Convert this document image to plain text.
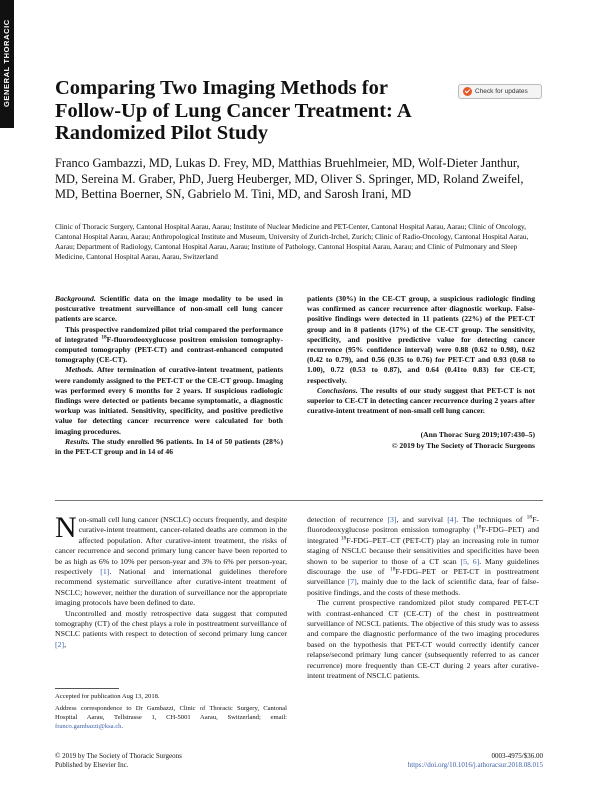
GENERAL THORACIC Comparing Two Imaging Methods for Follow-Up of Lung Cancer Treatment: A Randomized Pilot Study
Check for updates

Franco Gambazzi, MD, Lukas D. Frey, MD, Matthias Bruehlmeier, MD, Wolf-Dieter Janthur, MD, Sereina M. Graber, PhD, Juerg Heuberger, MD, Oliver S. Springer, MD, Roland Zweifel, MD, Bettina Boerner, SN, Gabrielo M. Tini, MD, and Sarosh Irani, MD

Clinic of Thoracic Surgery, Cantonal Hospital Aarau, Aarau; Institute of Nuclear Medicine and PET-Center, Cantonal Hospital Aarau, Aarau; Clinic of Oncology, Cantonal Hospital Aarau, Aarau; Anthropological Institute and Museum, University of Zurich-Irchel, Zurich; Clinic of Radio-Oncology, Cantonal Hospital Aarau, Aarau; Department of Radiology, Cantonal Hospital Aarau, Aarau; Institute of Pathology, Cantonal Hospital Aarau, Aarau; and Clinic of Pulmonary and Sleep Medicine, Cantonal Hospital Aarau, Aarau, Switzerland

Background. Scientific data on the image modality to be used in postcurative treatment surveillance of non-small cell lung cancer patients are scarce.

This prospective randomized pilot trial compared the performance of integrated $^{18}$F-fluorodeoxyglucose positron emission tomography-computed tomography (PET-CT) and contrast-enhanced computed tomography (CE-CT).

Methods. After termination of curative-intent treatment, patients were randomly assigned to the PET-CT or the CE-CT group. Imaging was performed every 6 months for 2 years. If suspicious radiologic findings were detected or patients became symptomatic, a diagnostic workup was initiated. Sensitivity, specificity, and positive predictive value for detecting cancer recurrence were calculated for both imaging procedures.

Results. The study enrolled 96 patients. In 14 of 50 patients (28%) in the PET-CT group and in 14 of 46

patients (30%) in the CE-CT group, a suspicious radiologic finding was confirmed as cancer recurrence after diagnostic workup. False-positive findings were detected in 11 patients (22%) of the PET-CT group and in 8 patients (17%) of the CE-CT group. The sensitivity, specificity, and positive predictive value for detecting cancer recurrence (95% confidence interval) were 0.88 (0.62 to 0.98), 0.62 (0.42 to 0.79), and 0.56 (0.35 to 0.76) for PET-CT and 0.93 (0.68 to 1.00), 0.72 (0.53 to 0.87), and 0.64 (0.41to 0.83) for CE-CT, respectively.

Conclusions. The results of our study suggest that PET-CT is not superior to CE-CT in detecting cancer recurrence during 2 years after curative-intent treatment of non-small cell lung cancer.

(Ann Thorac Surg 2019;107:430–5)

© 2019 by The Society of Thoracic Surgeons

Non-small cell lung cancer (NSCLC) occurs frequently, and despite curative-intent treatment, cancer-related deaths are common in the affected population. After curative-intent treatment, the risks of cancer recurrence and second primary lung cancer have been reported to be as high as 6% to 10% per person-year and 3% to 6% per person-year, respectively [1]. National and international guidelines therefore recommend systematic surveillance after curative-intent treatment of NSCLC; however, neither the duration of surveillance nor the appropriate imaging protocols have been defined to date.

Uncontrolled and mostly retrospective data suggest that computed tomography (CT) of the chest plays a role in posttreatment surveillance of NSCLC patients with respect to detection of second primary lung cancer [2],

detection of recurrence [3], and survival [4]. The techniques of $^{18}$F-fluorodeoxyglucose positron emission tomography ($^{18}$F-FDG–PET) and integrated $^{18}$F-FDG–PET–CT (PET-CT) play an increasing role in tumor staging of NSCLC because their sensitivities and specificities have been shown to be superior to those of a CT scan [5, 6]. Many guidelines discourage the use of $^{18}$F-FDG–PET or PET-CT in posttreatment surveillance [7], mainly due to the lack of scientific data, fear of false-positive findings, and the costs of these methods.

The current prospective randomized pilot study compared PET-CT with contrast-enhanced CT (CE-CT) of the chest in posttreatment surveillance of NCSCL patients. The objective of this study was to assess and compare the diagnostic performance of the two imaging procedures based on the hypothesis that PET-CT would correctly identify cancer relapse/second primary lung cancer (subsequently referred to as cancer recurrence) more frequently than CE-CT during 2 years after curative-intent treatment of NSCLC patients.

Accepted for publication Aug 13, 2018.

Address correspondence to Dr Gambazzi, Clinic of Thoracic Surgery, Cantonal Hospital Aarau, Tellstrasse 1, CH-5001 Aarau, Switzerland; email: franco.gambazzi@ksa.ch.

© 2019 by The Society of Thoracic Surgeons
Published by Elsevier Inc.

0003-4975/$36.00
https://doi.org/10.1016/j.athoracsur.2018.08.015
